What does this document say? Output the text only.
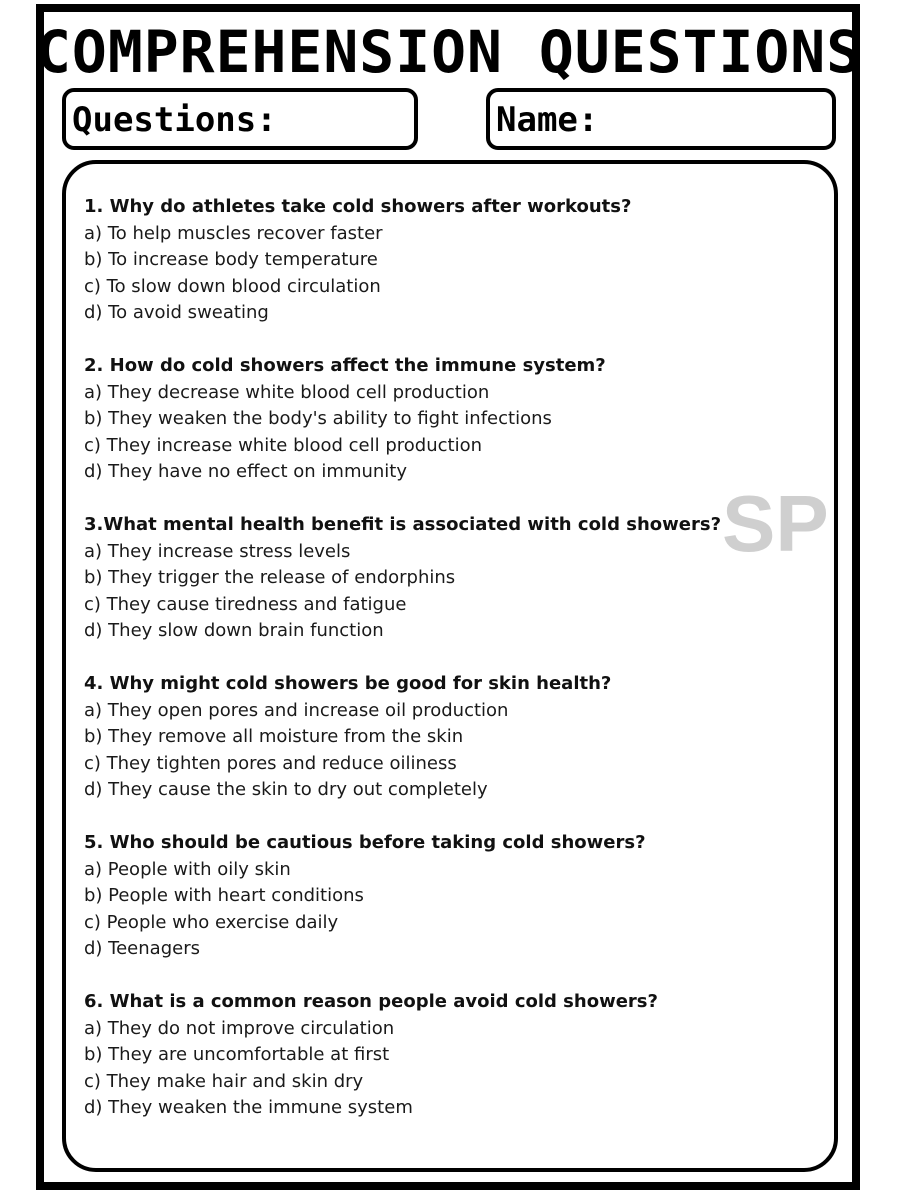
COMPREHENSION QUESTIONS
Questions:	Name:
SP
1. Why do athletes take cold showers after workouts?
a) To help muscles recover faster
b) To increase body temperature
c) To slow down blood circulation
d) To avoid sweating
2. How do cold showers affect the immune system?
a) They decrease white blood cell production
b) They weaken the body's ability to fight infections
c) They increase white blood cell production
d) They have no effect on immunity
3.What mental health benefit is associated with cold showers?
a) They increase stress levels
b) They trigger the release of endorphins
c) They cause tiredness and fatigue
d) They slow down brain function
4. Why might cold showers be good for skin health?
a) They open pores and increase oil production
b) They remove all moisture from the skin
c) They tighten pores and reduce oiliness
d) They cause the skin to dry out completely
5. Who should be cautious before taking cold showers?
a) People with oily skin
b) People with heart conditions
c) People who exercise daily
d) Teenagers
6. What is a common reason people avoid cold showers?
a) They do not improve circulation
b) They are uncomfortable at first
c) They make hair and skin dry
d) They weaken the immune system
